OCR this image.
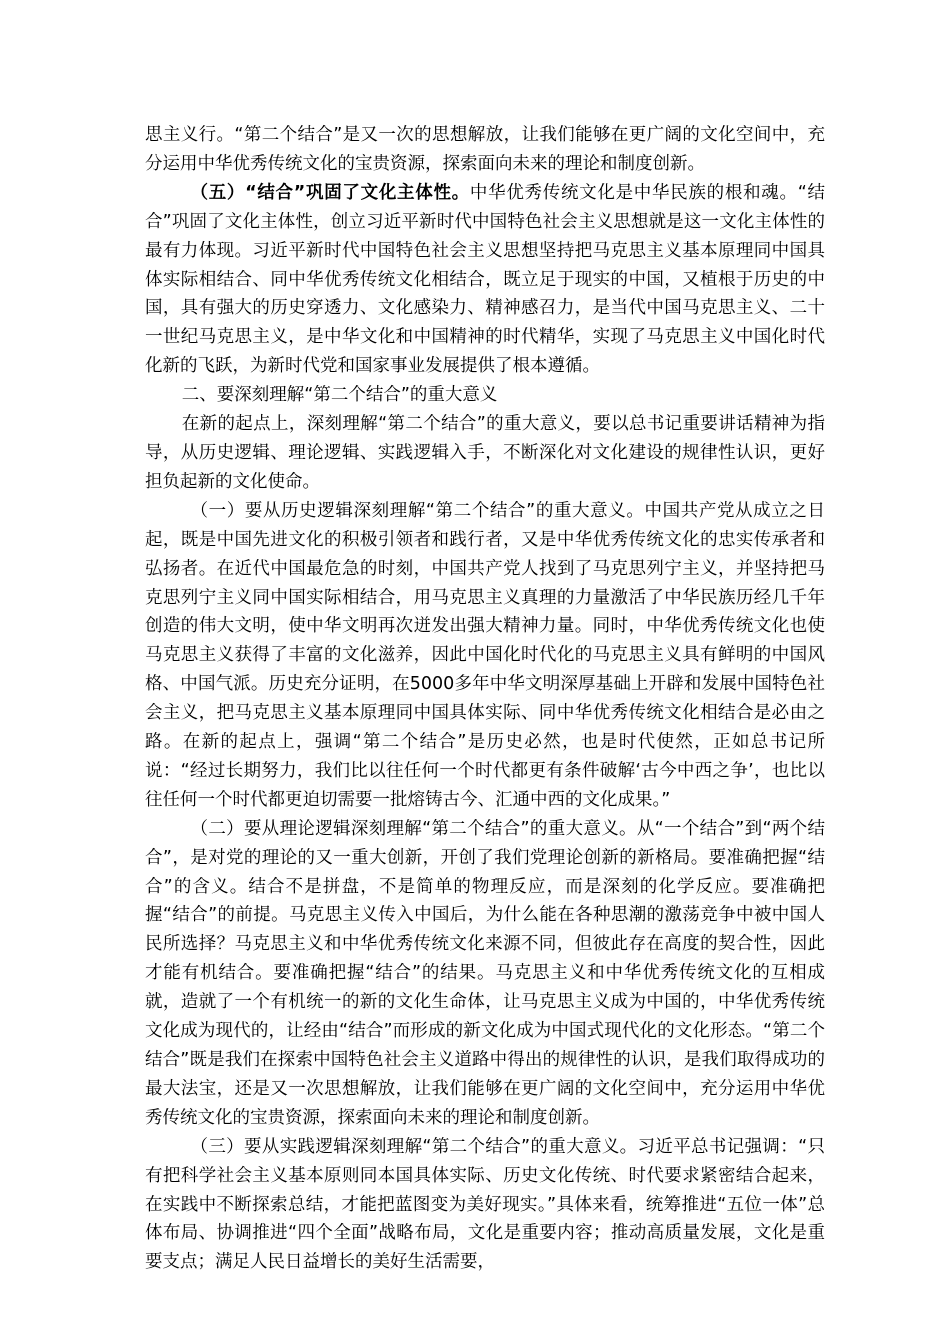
思主义行。“第二个结合”是又一次的思想解放，让我们能够在更广阔的文化空间中，充分运用中华优秀传统文化的宝贵资源，探索面向未来的理论和制度创新。

（五）“结合”巩固了文化主体性。中华优秀传统文化是中华民族的根和魂。“结合”巩固了文化主体性，创立习近平新时代中国特色社会主义思想就是这一文化主体性的最有力体现。习近平新时代中国特色社会主义思想坚持把马克思主义基本原理同中国具体实际相结合、同中华优秀传统文化相结合，既立足于现实的中国，又植根于历史的中国，具有强大的历史穿透力、文化感染力、精神感召力，是当代中国马克思主义、二十一世纪马克思主义，是中华文化和中国精神的时代精华，实现了马克思主义中国化时代化新的飞跃，为新时代党和国家事业发展提供了根本遵循。

二、要深刻理解“第二个结合”的重大意义

在新的起点上，深刻理解“第二个结合”的重大意义，要以总书记重要讲话精神为指导，从历史逻辑、理论逻辑、实践逻辑入手，不断深化对文化建设的规律性认识，更好担负起新的文化使命。

（一）要从历史逻辑深刻理解“第二个结合”的重大意义。中国共产党从成立之日起，既是中国先进文化的积极引领者和践行者，又是中华优秀传统文化的忠实传承者和弘扬者。在近代中国最危急的时刻，中国共产党人找到了马克思列宁主义，并坚持把马克思列宁主义同中国实际相结合，用马克思主义真理的力量激活了中华民族历经几千年创造的伟大文明，使中华文明再次迸发出强大精神力量。同时，中华优秀传统文化也使马克思主义获得了丰富的文化滋养，因此中国化时代化的马克思主义具有鲜明的中国风格、中国气派。历史充分证明，在5000多年中华文明深厚基础上开辟和发展中国特色社会主义，把马克思主义基本原理同中国具体实际、同中华优秀传统文化相结合是必由之路。在新的起点上，强调“第二个结合”是历史必然，也是时代使然，正如总书记所说：“经过长期努力，我们比以往任何一个时代都更有条件破解‘古今中西之争’，也比以往任何一个时代都更迫切需要一批熔铸古今、汇通中西的文化成果。”

（二）要从理论逻辑深刻理解“第二个结合”的重大意义。从“一个结合”到“两个结合”，是对党的理论的又一重大创新，开创了我们党理论创新的新格局。要准确把握“结合”的含义。结合不是拼盘，不是简单的物理反应，而是深刻的化学反应。要准确把握“结合”的前提。马克思主义传入中国后，为什么能在各种思潮的激荡竞争中被中国人民所选择？马克思主义和中华优秀传统文化来源不同，但彼此存在高度的契合性，因此才能有机结合。要准确把握“结合”的结果。马克思主义和中华优秀传统文化的互相成就，造就了一个有机统一的新的文化生命体，让马克思主义成为中国的，中华优秀传统文化成为现代的，让经由“结合”而形成的新文化成为中国式现代化的文化形态。“第二个结合”既是我们在探索中国特色社会主义道路中得出的规律性的认识，是我们取得成功的最大法宝，还是又一次思想解放，让我们能够在更广阔的文化空间中，充分运用中华优秀传统文化的宝贵资源，探索面向未来的理论和制度创新。

（三）要从实践逻辑深刻理解“第二个结合”的重大意义。习近平总书记强调：“只有把科学社会主义基本原则同本国具体实际、历史文化传统、时代要求紧密结合起来，在实践中不断探索总结，才能把蓝图变为美好现实。”具体来看，统筹推进“五位一体”总体布局、协调推进“四个全面”战略布局，文化是重要内容；推动高质量发展，文化是重要支点；满足人民日益增长的美好生活需要，
